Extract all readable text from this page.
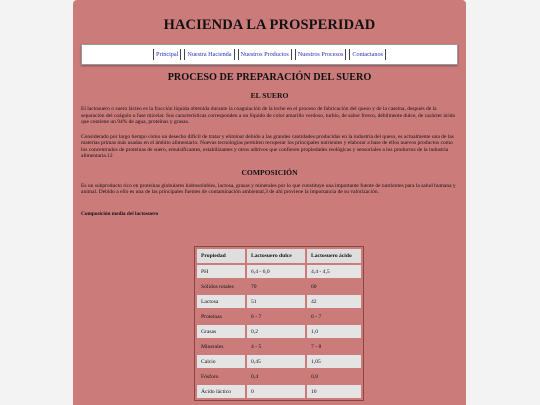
HACIENDA LA PROSPERIDAD
Principal	Nuestra Hacienda	Nuestros Productos	Nuestros Procesos	Contactanos
PROCESO DE PREPARACIÓN DEL SUERO
EL SUERO

El lactosuero o suero lácteo es la fracción líquida obtenida durante la coagulación de la leche en el proceso de fabricación del queso y de la caseína, después de la separación del coágulo o fase micelar. Sus características corresponden a un líquido de color amarillo verdoso, turbio, de sabor fresco, débilmente dulce, de carácter ácido que contiene un 94% de agua, proteínas y grasas.

Considerado por largo tiempo como un desecho difícil de tratar y eliminar debido a las grandes cantidades producidas en la industria del queso, es actualmente una de las materias primas más usadas en el ámbito alimentario. Nuevas tecnologías permiten recuperar los principales nutrientes y elaborar a base de ellos nuevos productos como los concentrados de proteínas de suero, emulsificantes, estabilizantes y otros aditivos que confieren propiedades reológicas y sensoriales a los productos de la industria alimentaria.12

COMPOSICIÓN

Es un subproducto rico en proteínas globulares hidrosolubles, lactosa, grasas y minerales por lo que constituye una importante fuente de nutrientes para la salud humana y animal. Debido a ello es una de las principales fuentes de contaminación ambiental,3 de ahí proviene la importancia de su valorización.

Composición media del lactosuero

Propiedad	Lactosuero dulce	Lactosuero ácido
PH	6,4 - 6,0	4,4 - 4,5
Sólidos totales	70	60
Lactosa	51	42
Proteínas	6 - 7	6 - 7
Grasas	0,2	1,0
Minerales	4 - 5	7 - 8
Calcio	0,45	1,05
Fósforo	0,4	0,8
Ácido láctico	0	10
